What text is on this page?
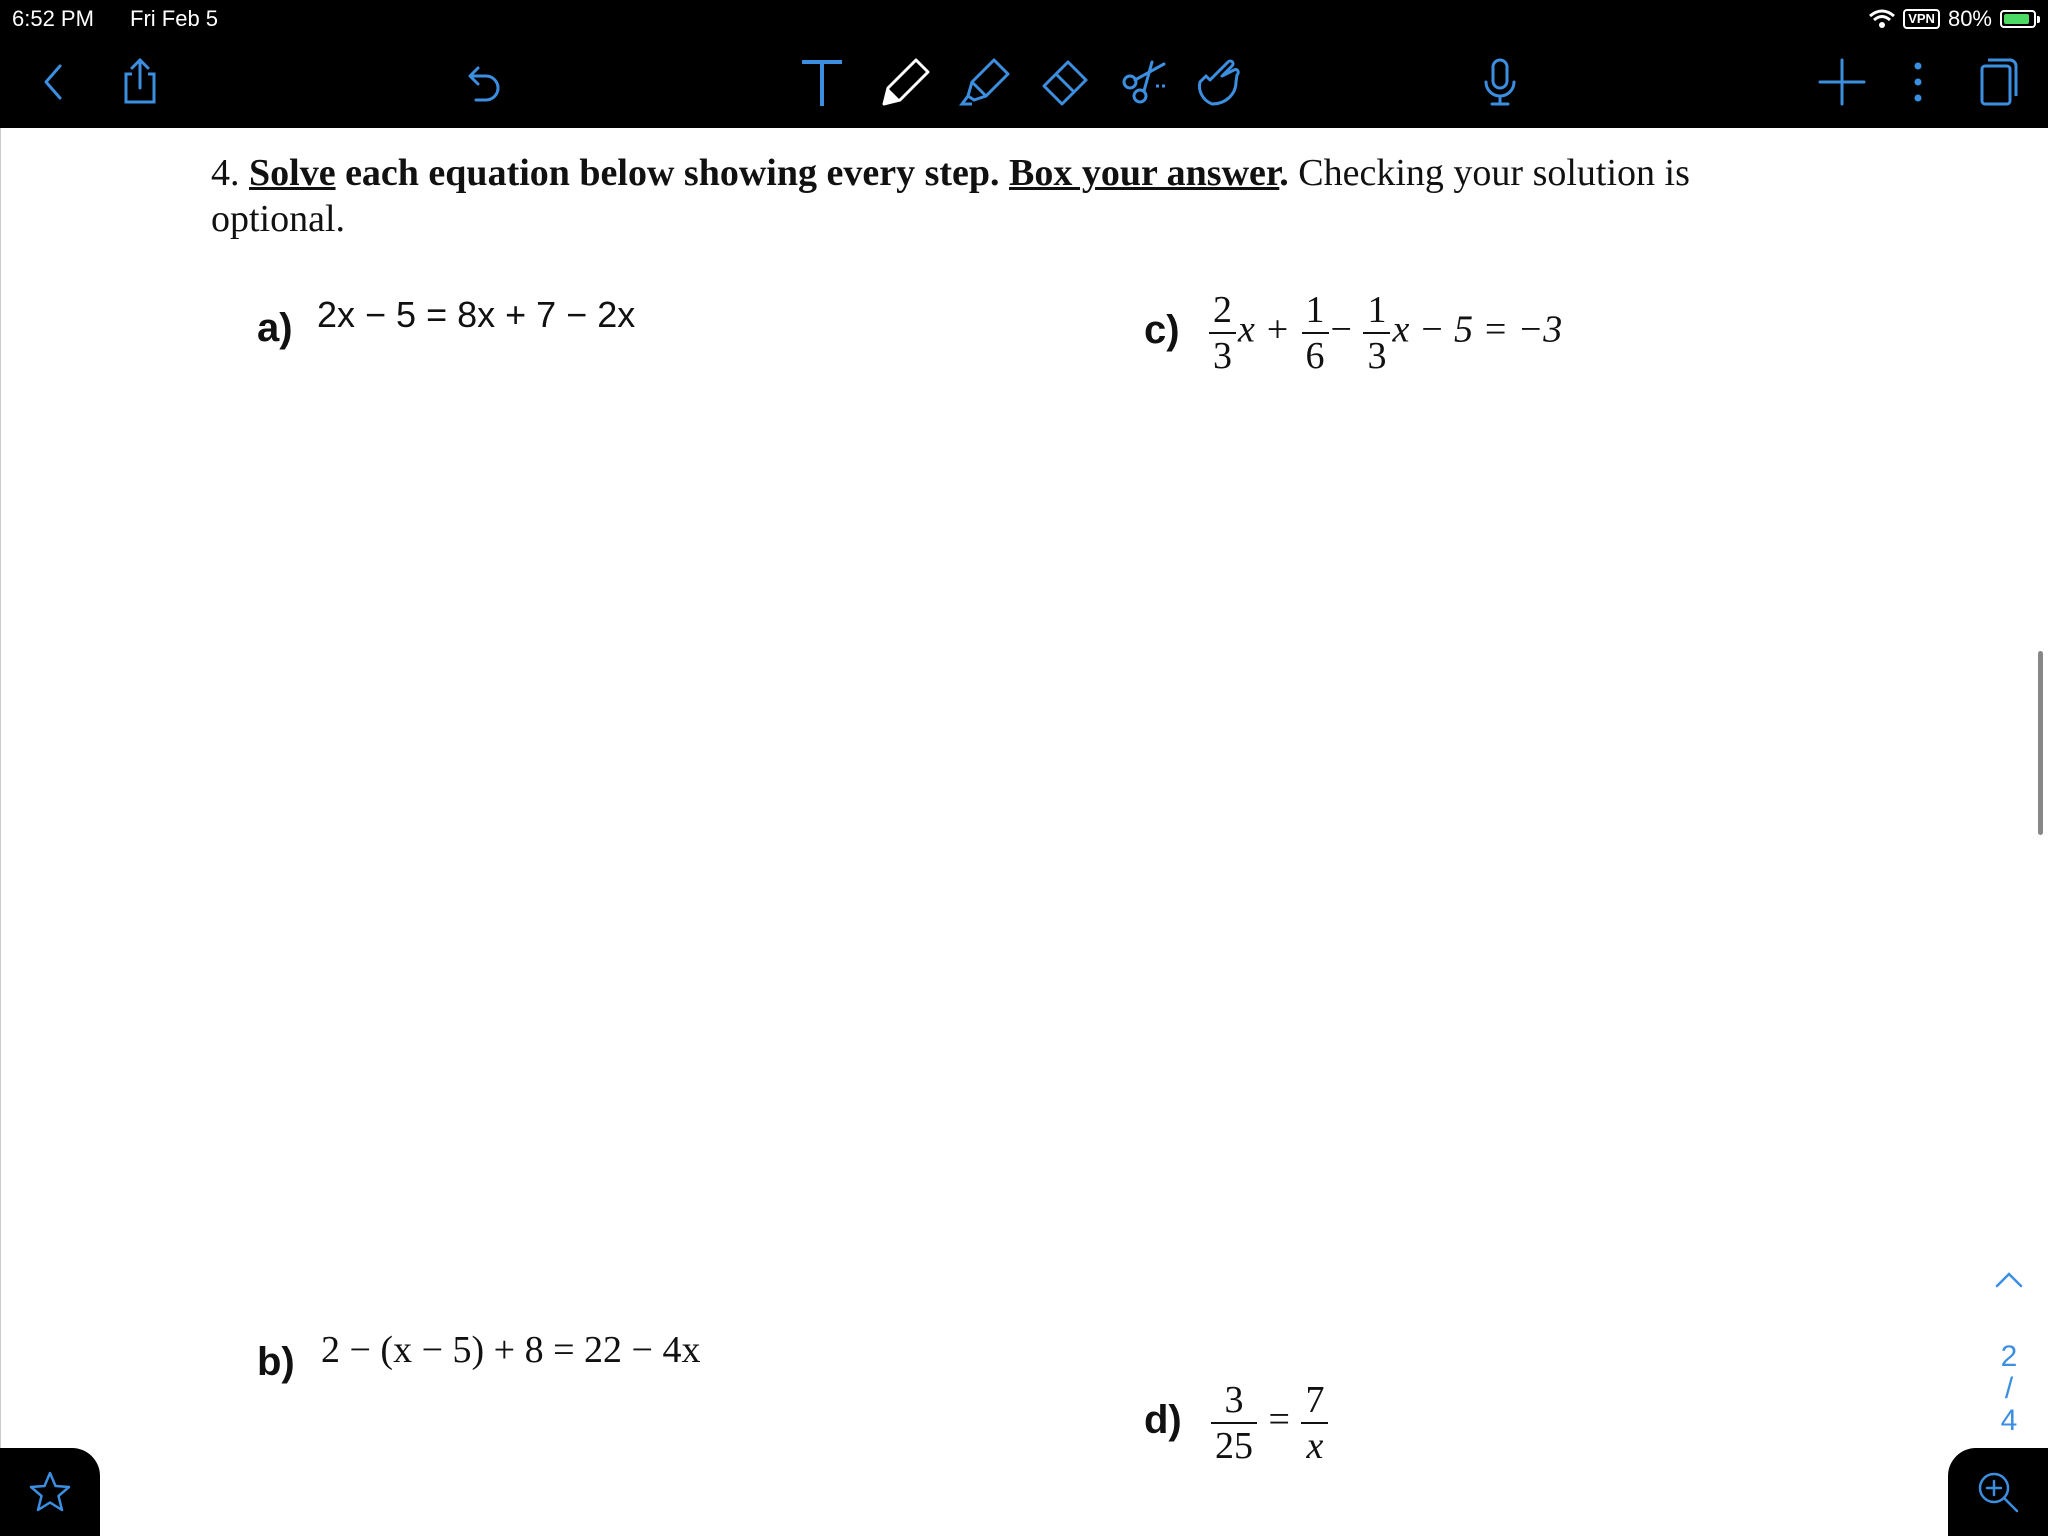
6:52 PM Fri Feb 5	VPN 80%
4. Solve each equation below showing every step. Box your answer. Checking your solution is optional.
a) 2x − 5 = 8x + 7 − 2x	$c) \frac{2}{3}$ $x + \frac{1}{6} - \frac{1}{3}$ x − 5 = −3
b) 2 − (x − 5) + 8 = 22 − 4x
$d) \frac{3}{25} = \frac{7}{x}$
2
/
4
